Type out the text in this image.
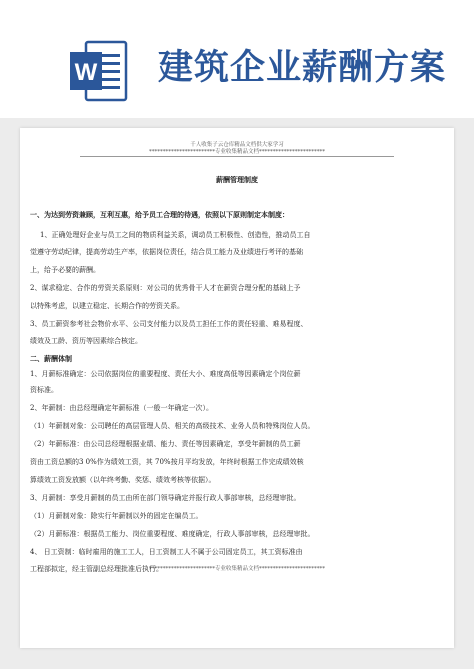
W 建筑企业薪酬方案
千人收集子云仓库精品文档供大家学习
************************专业收集精品文档************************
薪酬管理制度
一、为达到劳资兼顾，互利互惠，给予员工合理的待遇，依照以下原则制定本制度：
1、正确处理好企业与员工之间的物质利益关系，调动员工积极性、创造性，推动员工自
觉遵守劳动纪律，提高劳动生产率，依据岗位责任，结合员工能力及业绩进行考评的基础
上，给予必要的薪酬。
2、谋求稳定、合作的劳资关系原则：对公司的优秀骨干人才在薪资合理分配的基础上予
以特殊考虑，以建立稳定、长期合作的劳资关系。
3、员工薪资参考社会物价水平、公司支付能力以及员工担任工作的责任轻重、难易程度、
绩效及工龄、资历等因素综合核定。
二、薪酬体制
1、月薪标准确定：公司依据岗位的重要程度、责任大小、难度高低等因素确定个岗位薪
资标准。
2、年薪制：由总经理确定年薪标准（一般一年确定一次）。
（1）年薪制对象：公司聘任的高层管理人员、相关的高级技术、业务人员和特殊岗位人员。
（2）年薪标准：由公司总经理根据业绩、能力、责任等因素确定，享受年薪制的员工薪
资由工资总额的3 0%作为绩效工资，其 70%按月平均发放，年终时根据工作完成绩效核
算绩效工资发放额（以年终考勤、奖惩、绩效考核等依据）。
3、月薪制：享受月薪制的员工由所在部门领导确定并报行政人事部审核，总经理审批。
（1）月薪制对象：除实行年薪制以外的固定在编员工。
（2）月薪标准：根据员工能力、岗位重要程度、难度确定，行政人事部审核，总经理审批。
4、 日工资制：临时雇用的施工工人，日工资制工人不属于公司固定员工，其工资标准由
工程部拟定，经主管副总经理批准后执行。
************************专业收集精品文档************************
